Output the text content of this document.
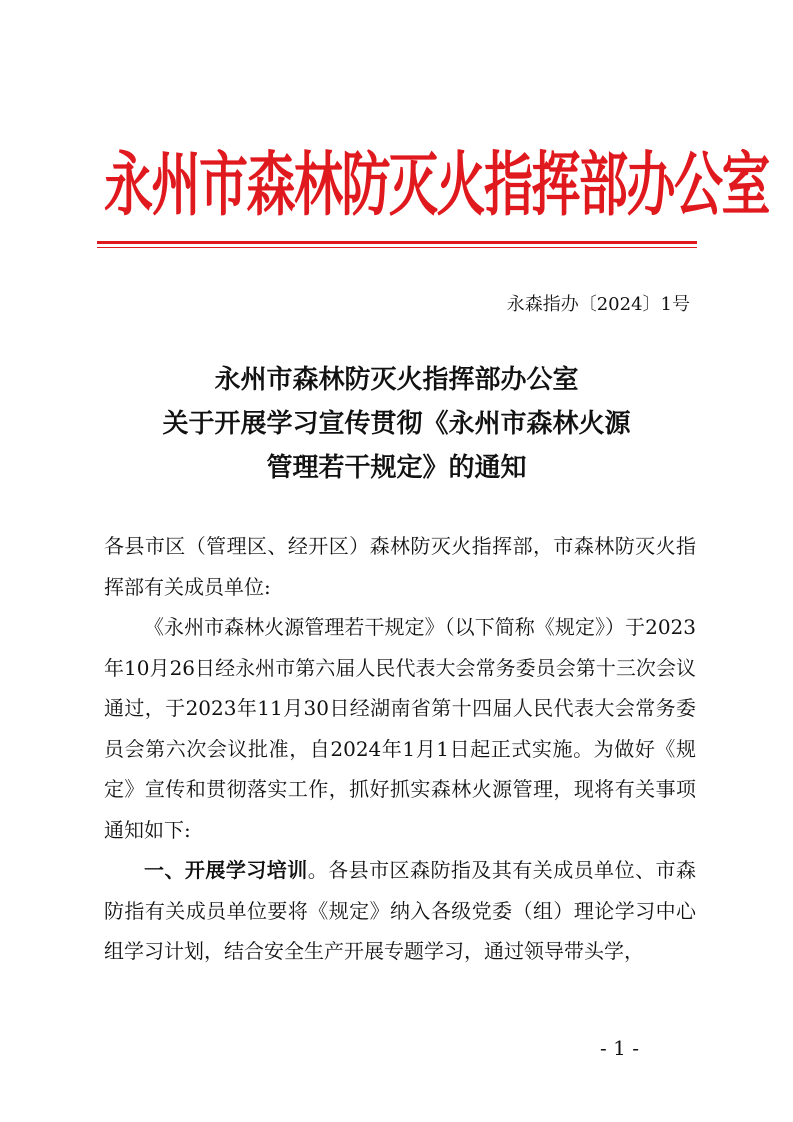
永州市森林防灭火指挥部办公室
永森指办〔2024〕1号
永州市森林防灭火指挥部办公室
关于开展学习宣传贯彻《永州市森林火源
管理若干规定》的通知

各县市区（管理区、经开区）森林防灭火指挥部，市森林防灭火指挥部有关成员单位:

《永州市森林火源管理若干规定》（以下简称《规定》）于2023年10月26日经永州市第六届人民代表大会常务委员会第十三次会议通过，于2023年11月30日经湖南省第十四届人民代表大会常务委员会第六次会议批准，自2024年1月1日起正式实施。为做好《规定》宣传和贯彻落实工作，抓好抓实森林火源管理，现将有关事项通知如下:

一、开展学习培训。各县市区森防指及其有关成员单位、市森防指有关成员单位要将《规定》纳入各级党委（组）理论学习中心组学习计划，结合安全生产开展专题学习，通过领导带头学，

- 1 -
